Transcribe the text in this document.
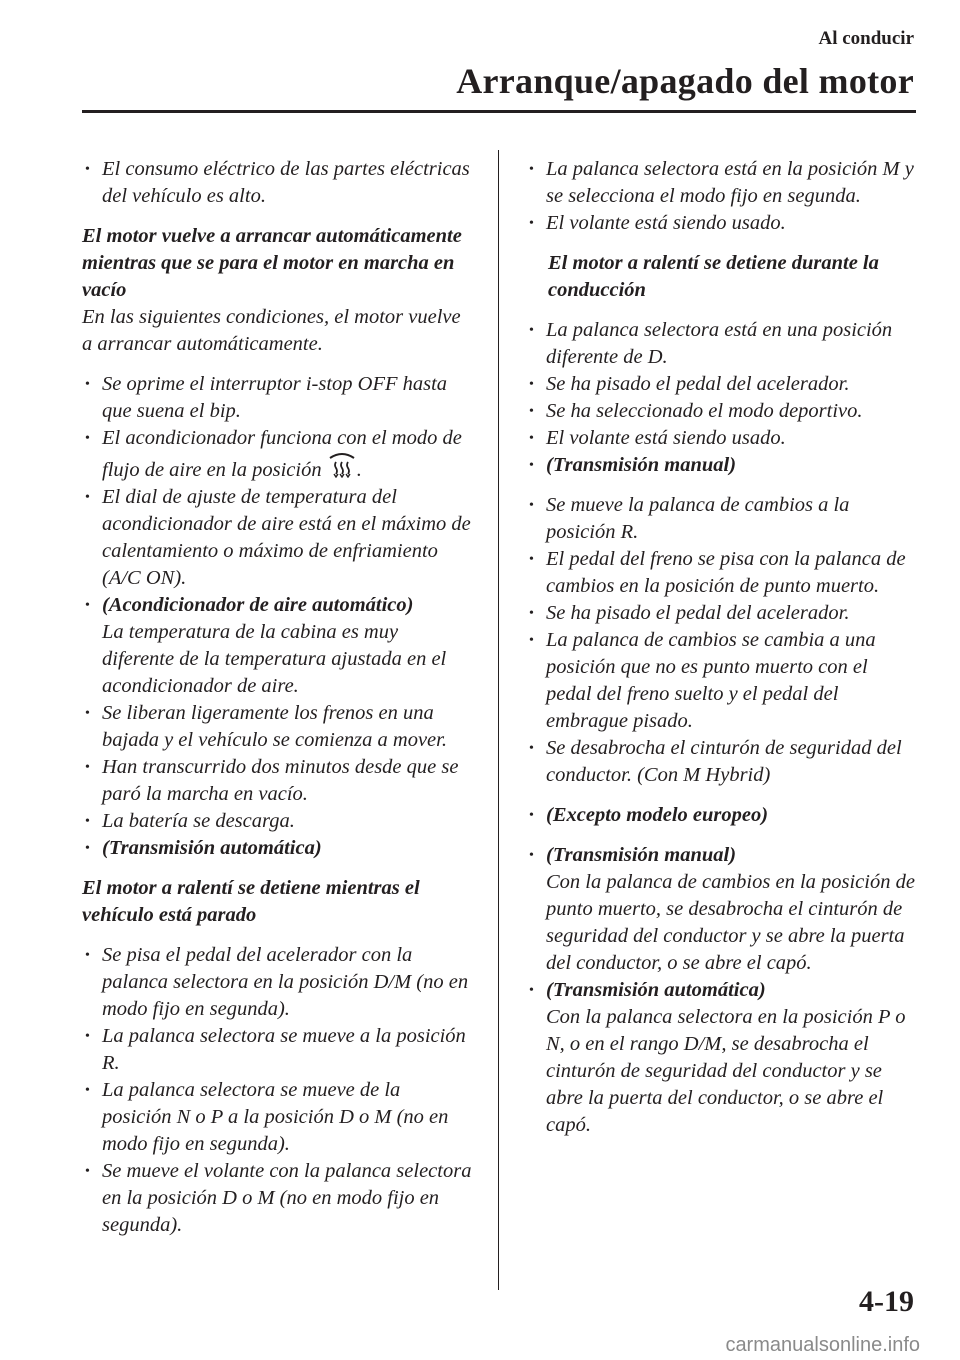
Al conducir
Arranque/apagado del motor

• El consumo eléctrico de las partes eléctricas del vehículo es alto.

El motor vuelve a arrancar automáticamente mientras que se para el motor en marcha en vacío

En las siguientes condiciones, el motor vuelve a arrancar automáticamente.

• Se oprime el interruptor i-stop OFF hasta que suena el bip.

• El acondicionador funciona con el modo de flujo de aire en la posición .

• El dial de ajuste de temperatura del acondicionador de aire está en el máximo de calentamiento o máximo de enfriamiento (A/C ON).

• (Acondicionador de aire automático)
La temperatura de la cabina es muy diferente de la temperatura ajustada en el acondicionador de aire.

• Se liberan ligeramente los frenos en una bajada y el vehículo se comienza a mover.

• Han transcurrido dos minutos desde que se paró la marcha en vacío.

• La batería se descarga.

• (Transmisión automática)

El motor a ralentí se detiene mientras el vehículo está parado

• Se pisa el pedal del acelerador con la palanca selectora en la posición D/M (no en modo fijo en segunda).

• La palanca selectora se mueve a la posición R.

• La palanca selectora se mueve de la posición N o P a la posición D o M (no en modo fijo en segunda).

• Se mueve el volante con la palanca selectora en la posición D o M (no en modo fijo en segunda).

• La palanca selectora está en la posición M y se selecciona el modo fijo en segunda.

• El volante está siendo usado.

El motor a ralentí se detiene durante la conducción

• La palanca selectora está en una posición diferente de D.

• Se ha pisado el pedal del acelerador.

• Se ha seleccionado el modo deportivo.

• El volante está siendo usado.

• (Transmisión manual)

• Se mueve la palanca de cambios a la posición R.

• El pedal del freno se pisa con la palanca de cambios en la posición de punto muerto.

• Se ha pisado el pedal del acelerador.

• La palanca de cambios se cambia a una posición que no es punto muerto con el pedal del freno suelto y el pedal del embrague pisado.

• Se desabrocha el cinturón de seguridad del conductor. (Con M Hybrid)

• (Excepto modelo europeo)

• (Transmisión manual)
Con la palanca de cambios en la posición de punto muerto, se desabrocha el cinturón de seguridad del conductor y se abre la puerta del conductor, o se abre el capó.

• (Transmisión automática)
Con la palanca selectora en la posición P o N, o en el rango D/M, se desabrocha el cinturón de seguridad del conductor y se abre la puerta del conductor, o se abre el capó.

4-19
carmanualsonline.info
